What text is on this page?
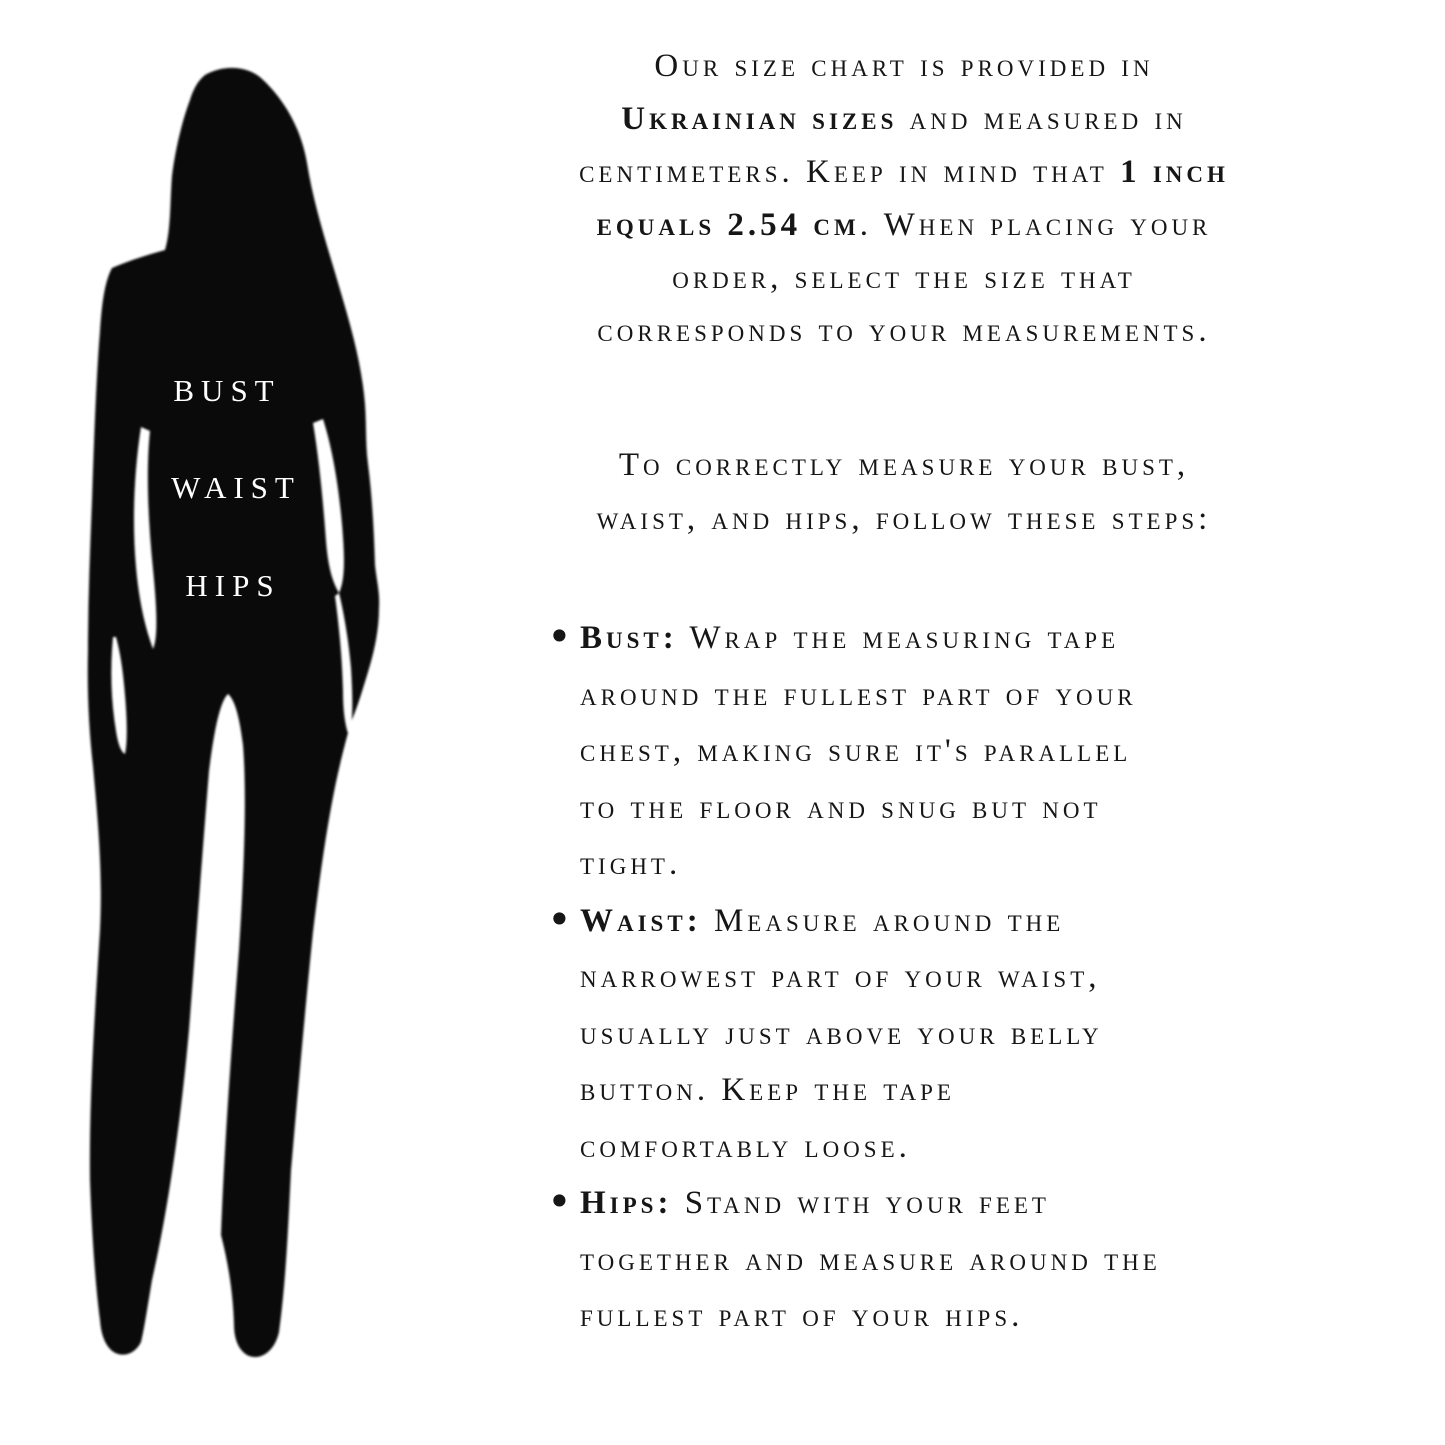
BUST
WAIST
HIPS
Our size chart is provided in
Ukrainian sizes and measured in
centimeters. Keep in mind that 1 inch
equals 2.54 cm. When placing your
order, select the size that
corresponds to your measurements.
To correctly measure your bust,
waist, and hips, follow these steps:
• Bust: Wrap the measuring tape
around the fullest part of your
chest, making sure it's parallel
to the floor and snug but not
tight.
• Waist: Measure around the
narrowest part of your waist,
usually just above your belly
button. Keep the tape
comfortably loose.
• Hips: Stand with your feet
together and measure around the
fullest part of your hips.
